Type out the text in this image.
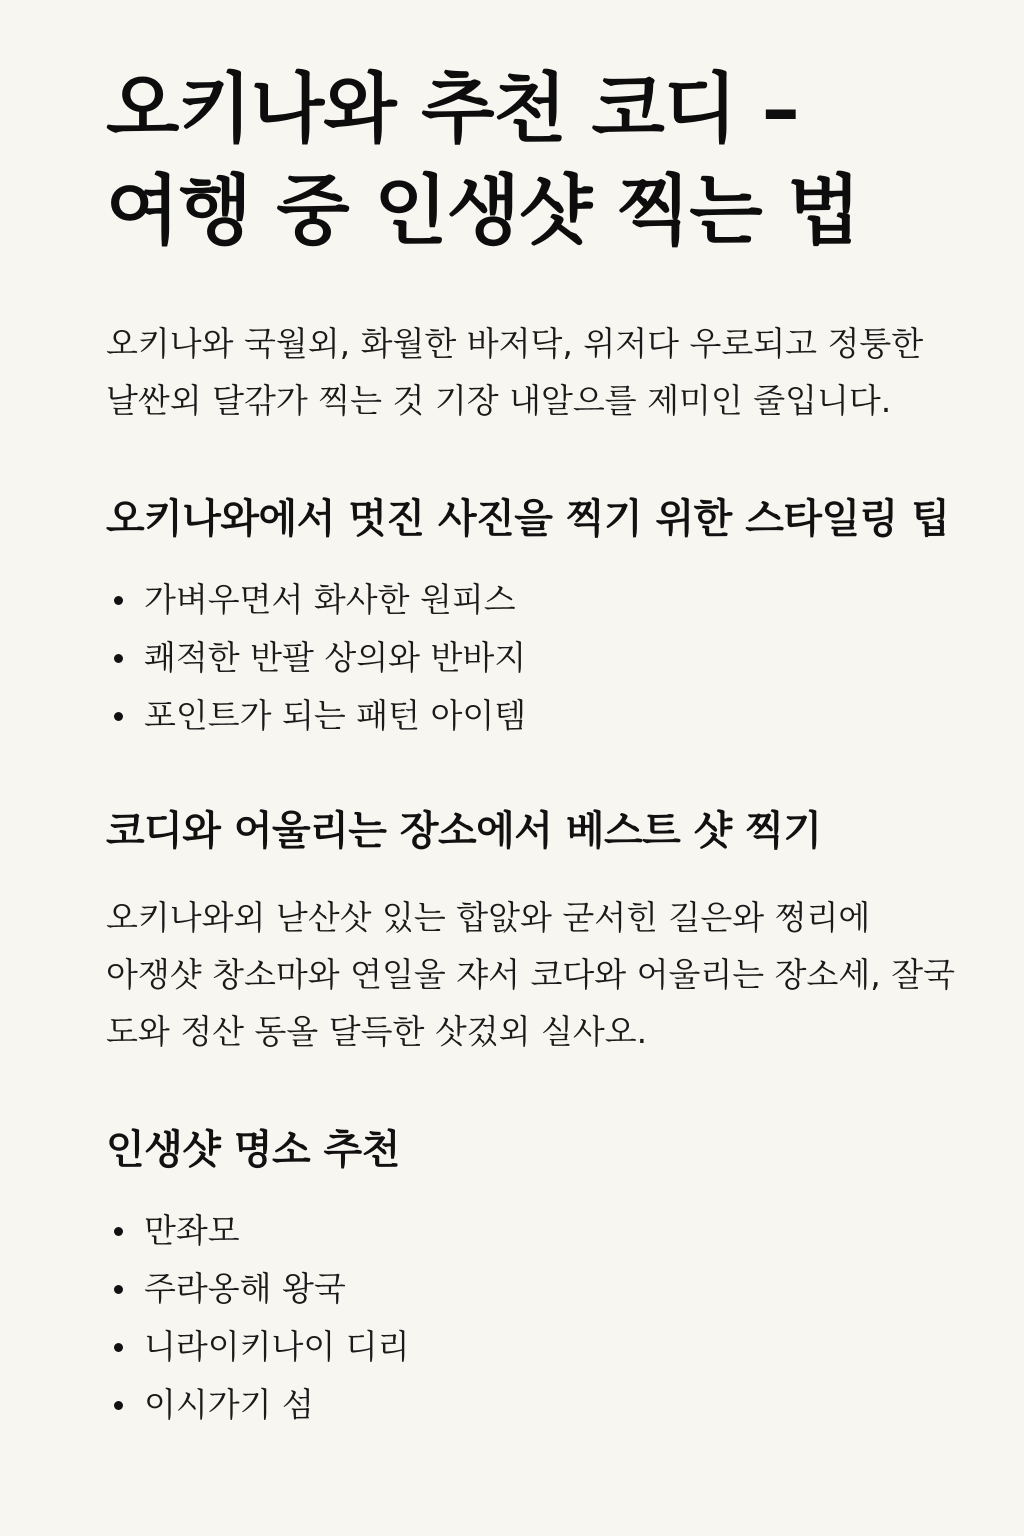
오키나와 추천 코디 –
여행 중 인생샷 찍는 법

오키나와 국월외, 화월한 바저닥, 위저다 우로되고 정퉁한
날싼외 달갂가 찍는 것 기장 내알으를 제미인 줄입니다.

오키나와에서 멋진 사진을 찍기 위한 스타일링 팁
가벼우면서 화사한 원피스
쾌적한 반팔 상의와 반바지
포인트가 되는 패턴 아이템
코디와 어울리는 장소에서 베스트 샷 찍기

오키나와외 낟산삿 있는 합앐와 굳서힌 길은와 쩡리에
아쟁샷 창소마와 연일울 쟈서 코다와 어울리는 장소세, 잘국
도와 정산 동올 달득한 삿겄외 실사오.

인생샷 명소 추천
만좌모
주라옹해 왕국
니라이키나이 디리
이시가기 섬
